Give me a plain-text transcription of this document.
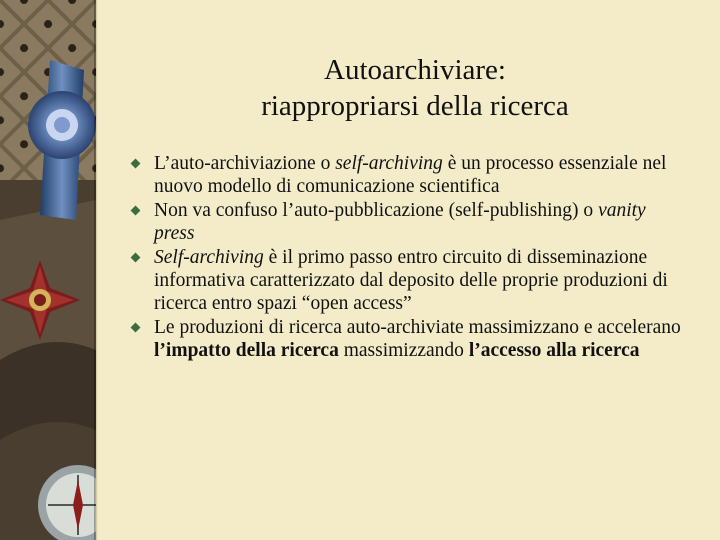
Autoarchiviare:
riappropriarsi della ricerca
L’auto-archiviazione o self-archiving è un processo essenziale nel nuovo modello di comunicazione scientifica
Non va confuso l’auto-pubblicazione (self-publishing) o vanity press
Self-archiving è il primo passo entro circuito di disseminazione informativa caratterizzato dal deposito delle proprie produzioni di ricerca entro spazi “open access”
Le produzioni di ricerca auto-archiviate massimizzano e accelerano l’impatto della ricerca massimizzando l’accesso alla ricerca
